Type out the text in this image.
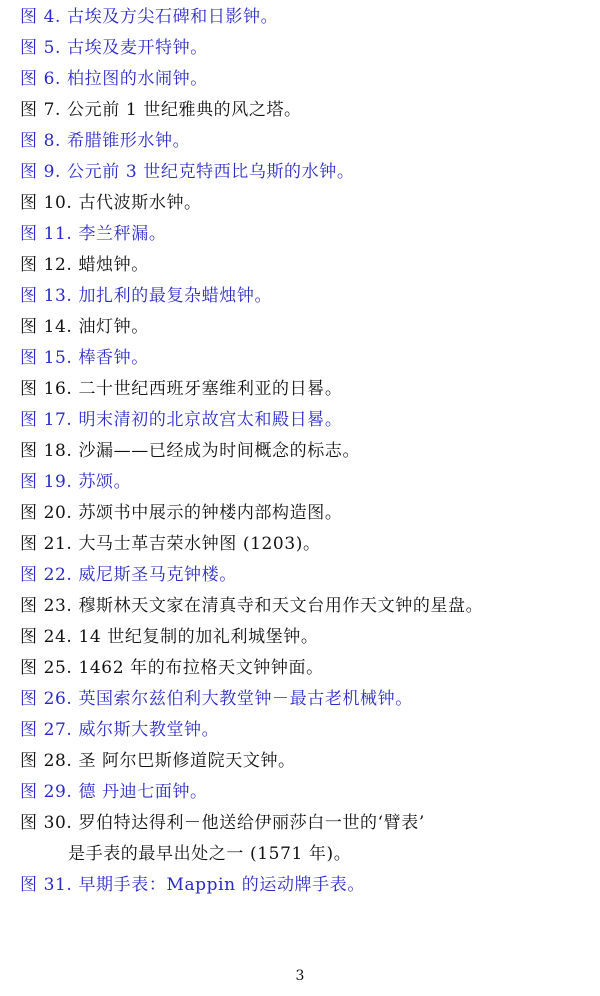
图 4. 古埃及方尖石碑和日影钟。
图 5. 古埃及麦开特钟。
图 6. 柏拉图的水闹钟。
图 7. 公元前 1 世纪雅典的风之塔。
图 8. 希腊锥形水钟。
图 9. 公元前 3 世纪克特西比乌斯的水钟。
图 10. 古代波斯水钟。
图 11. 李兰秤漏。
图 12. 蜡烛钟。
图 13. 加扎利的最复杂蜡烛钟。
图 14. 油灯钟。
图 15. 棒香钟。
图 16. 二十世纪西班牙塞维利亚的日晷。
图 17. 明末清初的北京故宫太和殿日晷。
图 18. 沙漏——已经成为时间概念的标志。
图 19. 苏颂。
图 20. 苏颂书中展示的钟楼内部构造图。
图 21. 大马士革吉荣水钟图 (1203)。
图 22. 威尼斯圣马克钟楼。
图 23. 穆斯林天文家在清真寺和天文台用作天文钟的星盘。
图 24. 14 世纪复制的加礼利城堡钟。
图 25. 1462 年的布拉格天文钟钟面。
图 26. 英国索尔兹伯利大教堂钟－最古老机械钟。
图 27. 威尔斯大教堂钟。
图 28. 圣 阿尔巴斯修道院天文钟。
图 29. 德 丹迪七面钟。
图 30. 罗伯特达得利－他送给伊丽莎白一世的‘臂表’
是手表的最早出处之一 (1571 年)。
图 31. 早期手表：Mappin 的运动牌手表。
3
